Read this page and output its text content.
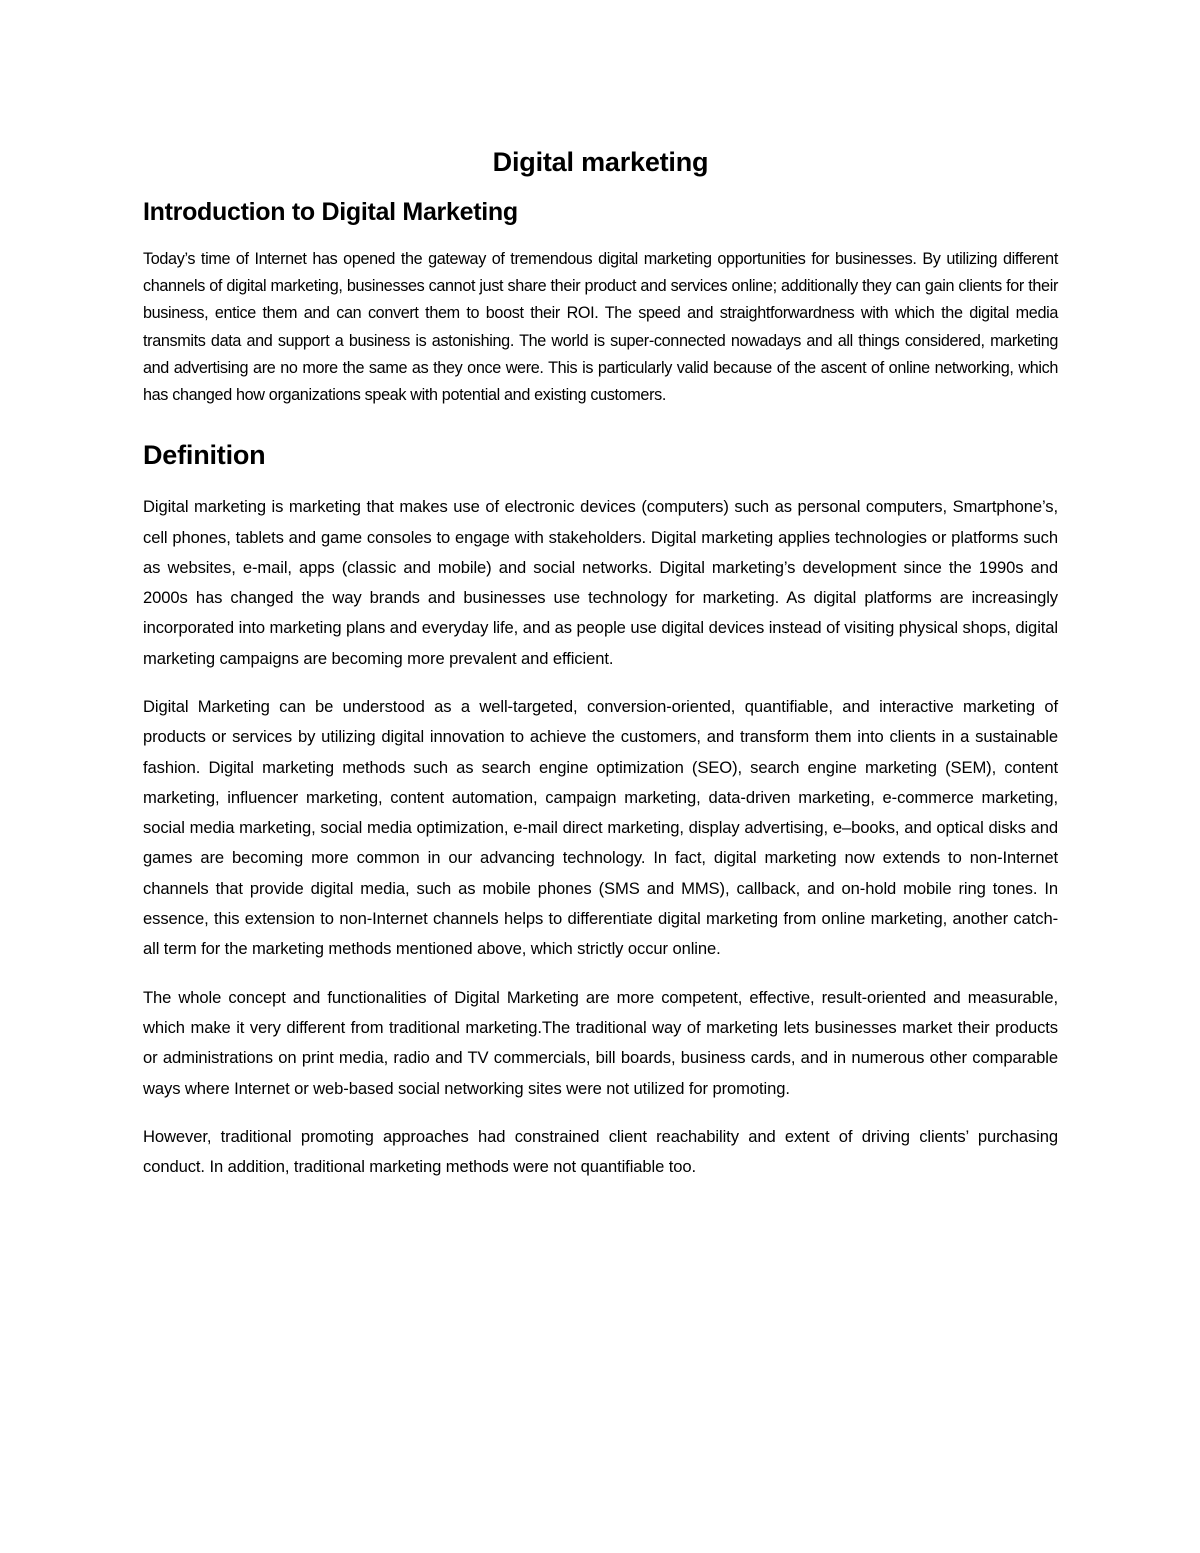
Digital marketing
Introduction to Digital Marketing

Today’s time of Internet has opened the gateway of tremendous digital marketing opportunities for businesses. By utilizing different channels of digital marketing, businesses cannot just share their product and services online; additionally they can gain clients for their business, entice them and can convert them to boost their ROI. The speed and straightforwardness with which the digital media transmits data and support a business is astonishing. The world is super-connected nowadays and all things considered, marketing and advertising are no more the same as they once were. This is particularly valid because of the ascent of online networking, which has changed how organizations speak with potential and existing customers.

Definition

Digital marketing is marketing that makes use of electronic devices (computers) such as personal computers, Smartphone’s, cell phones, tablets and game consoles to engage with stakeholders. Digital marketing applies technologies or platforms such as websites, e-mail, apps (classic and mobile) and social networks. Digital marketing’s development since the 1990s and 2000s has changed the way brands and businesses use technology for marketing. As digital platforms are increasingly incorporated into marketing plans and everyday life, and as people use digital devices instead of visiting physical shops, digital marketing campaigns are becoming more prevalent and efficient.

Digital Marketing can be understood as a well-targeted, conversion-oriented, quantifiable, and interactive marketing of products or services by utilizing digital innovation to achieve the customers, and transform them into clients in a sustainable fashion. Digital marketing methods such as search engine optimization (SEO), search engine marketing (SEM), content marketing, influencer marketing, content automation, campaign marketing, data-driven marketing, e-commerce marketing, social media marketing, social media optimization, e-mail direct marketing, display advertising, e–books, and optical disks and games are becoming more common in our advancing technology. In fact, digital marketing now extends to non-Internet channels that provide digital media, such as mobile phones (SMS and MMS), callback, and on-hold mobile ring tones. In essence, this extension to non-Internet channels helps to differentiate digital marketing from online marketing, another catch-all term for the marketing methods mentioned above, which strictly occur online.

The whole concept and functionalities of Digital Marketing are more competent, effective, result-oriented and measurable, which make it very different from traditional marketing.The traditional way of marketing lets businesses market their products or administrations on print media, radio and TV commercials, bill boards, business cards, and in numerous other comparable ways where Internet or web-based social networking sites were not utilized for promoting.

However, traditional promoting approaches had constrained client reachability and extent of driving clients’ purchasing conduct. In addition, traditional marketing methods were not quantifiable too.
